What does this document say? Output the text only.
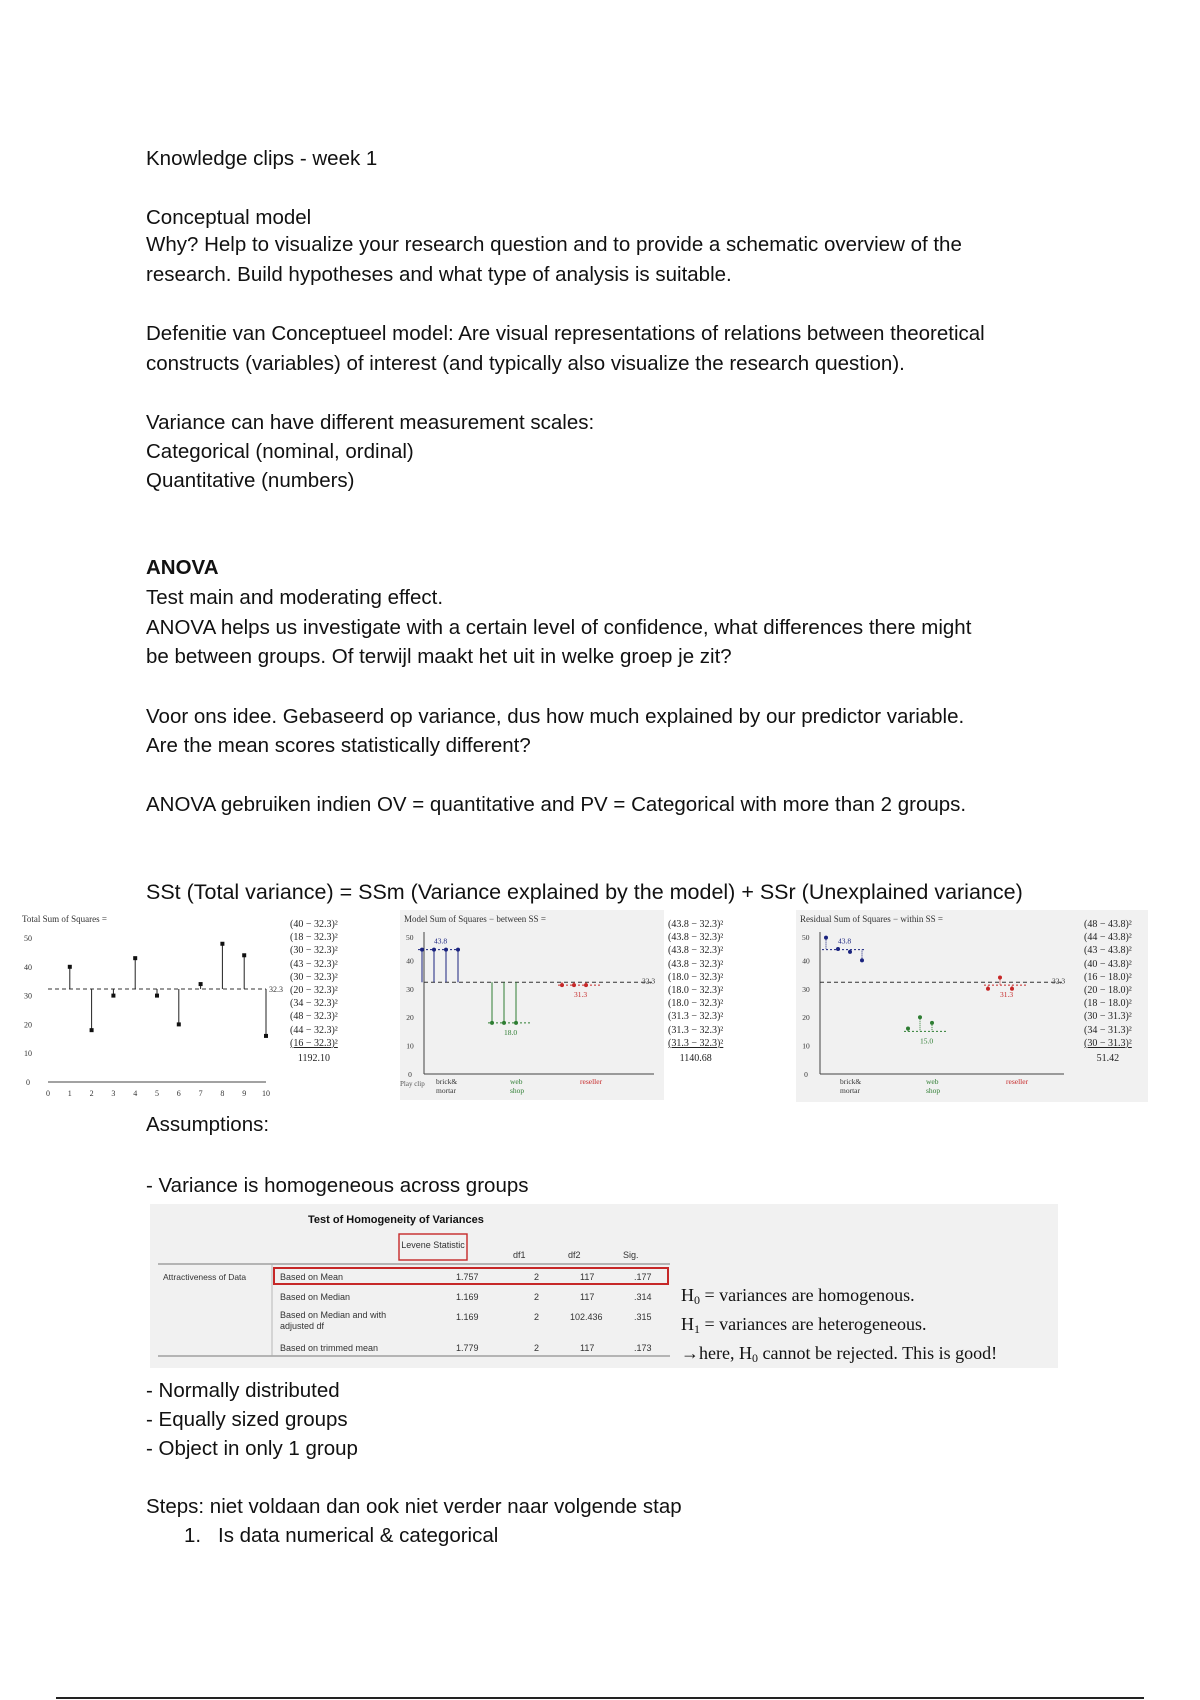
Knowledge clips - week 1
Conceptual model
Why? Help to visualize your research question and to provide a schematic overview of the
research. Build hypotheses and what type of analysis is suitable.
Defenitie van Conceptueel model: Are visual representations of relations between theoretical
constructs (variables) of interest (and typically also visualize the research question).
Variance can have different measurement scales:
Categorical (nominal, ordinal)
Quantitative (numbers)
ANOVA
Test main and moderating effect.
ANOVA helps us investigate with a certain level of confidence, what differences there might
be between groups. Of terwijl maakt het uit in welke groep je zit?
Voor ons idee. Gebaseerd op variance, dus how much explained by our predictor variable.
Are the mean scores statistically different?
ANOVA gebruiken indien OV = quantitative and PV = Categorical with more than 2 groups.
SSt (Total variance) = SSm (Variance explained by the model) + SSr (Unexplained variance)
Total Sum of Squares =
50
40
30
20
10
0
0 1 2 3 4 5 6 7 8 9 10
32.3
(40 − 32.3)²
(18 − 32.3)²
(30 − 32.3)²
(43 − 32.3)²
(30 − 32.3)²
(20 − 32.3)²
(34 − 32.3)²
(48 − 32.3)²
(44 − 32.3)²
(16 − 32.3)²
1192.10
Model Sum of Squares − between SS =
50
40
30
20
10
0
32.3
43.8
18.0
31.3
brick&
mortar
web
shop
reseller
Play clip
(43.8 − 32.3)²
(43.8 − 32.3)²
(43.8 − 32.3)²
(43.8 − 32.3)²
(18.0 − 32.3)²
(18.0 − 32.3)²
(18.0 − 32.3)²
(31.3 − 32.3)²
(31.3 − 32.3)²
(31.3 − 32.3)²
1140.68
Residual Sum of Squares − within SS =
50
40
30
20
10
0
32.3
43.8
15.0
31.3
brick&
mortar
web
shop
reseller
(48 − 43.8)²
(44 − 43.8)²
(43 − 43.8)²
(40 − 43.8)²
(16 − 18.0)²
(20 − 18.0)²
(18 − 18.0)²
(30 − 31.3)²
(34 − 31.3)²
(30 − 31.3)²
51.42
Assumptions:
- Variance is homogeneous across groups
Test of Homogeneity of Variances
Levene Statistic
df1	df2	Sig.
Attractiveness of Data	Based on Mean	1.757	2	117	.177
Based on Median	1.169	2	117	.314
Based on Median and with adjusted df
1.169	2	102.436	.315
Based on trimmed mean	1.779	2	117	.173
$H_0$ = variances are homogenous.
$H_1$ = variances are heterogeneous.
→here, $H_0$ cannot be rejected. This is good!
- Normally distributed
- Equally sized groups
- Object in only 1 group
Steps: niet voldaan dan ook niet verder naar volgende stap
1. Is data numerical & categorical
